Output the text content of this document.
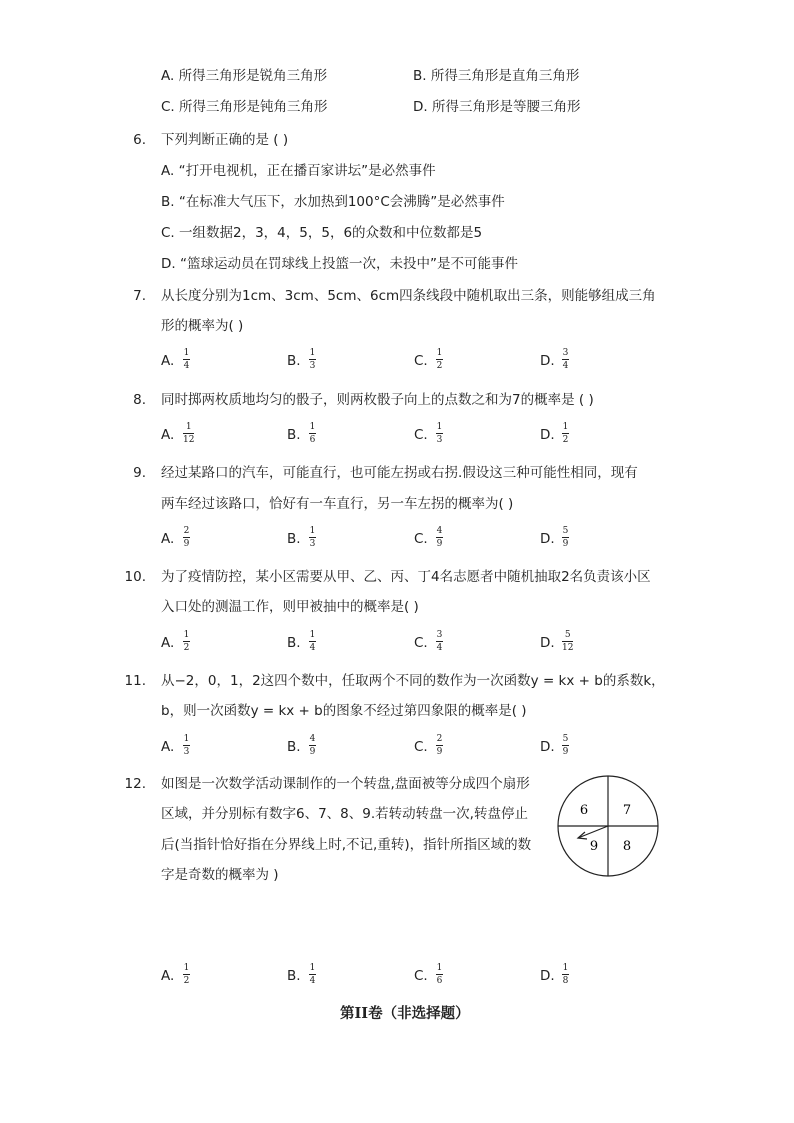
A. 所得三角形是锐角三角形	B. 所得三角形是直角三角形
C. 所得三角形是钝角三角形	D. 所得三角形是等腰三角形
6. 下列判断正确的是 ( )
A. “打开电视机，正在播百家讲坛”是必然事件
B. “在标准大气压下，水加热到100°C会沸腾”是必然事件
C. 一组数据2，3，4，5，5，6的众数和中位数都是5
D. “篮球运动员在罚球线上投篮一次，未投中”是不可能事件
7. 从长度分别为1cm、3cm、5cm、6cm四条线段中随机取出三条，则能够组成三角
形的概率为( )
8. 同时掷两枚质地均匀的骰子，则两枚骰子向上的点数之和为7的概率是 ( )
9. 经过某路口的汽车，可能直行，也可能左拐或右拐.假设这三种可能性相同，现有
两车经过该路口，恰好有一车直行，另一车左拐的概率为( )
10. 为了疫情防控，某小区需要从甲、乙、丙、丁4名志愿者中随机抽取2名负责该小区
入口处的测温工作，则甲被抽中的概率是( )
11. 从−2，0，1，2这四个数中，任取两个不同的数作为一次函数y = kx + b的系数k，
b，则一次函数y = kx + b的图象不经过第四象限的概率是( )
12. 如图是一次数学活动课制作的一个转盘,盘面被等分成四个扇形
区域，并分别标有数字6、7、8、9.若转动转盘一次,转盘停止
后(当指针恰好指在分界线上时,不记,重转)，指针所指区域的数
字是奇数的概率为 )
6	7
9 8
第II卷（非选择题）
A. 1
4	B. 1
3	C. 1
2	D. 3
4
A. 1
12	B. 1
6	C. 1
3	D. 1
2
A. 2
9	B. 1
3	C. 4
9	D. 5
9
A. 1
2	B. 1
4	C. 3
4	D. 5
12
A. 1
3	B. 4
9	C. 2
9	D. 5
9
A. 1
2	B. 1
4	C. 1
6	D. 1
8
